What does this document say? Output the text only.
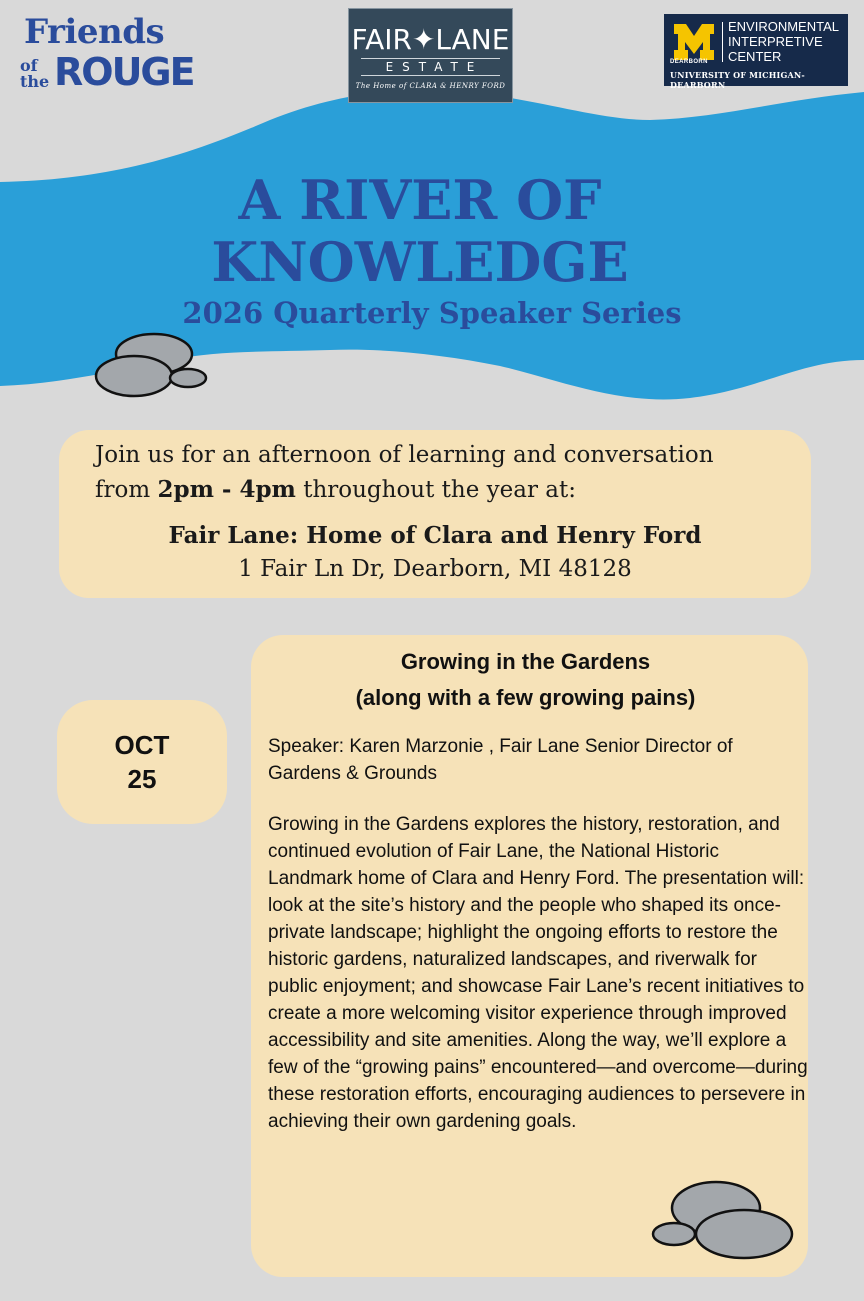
Friends
of
the ROUGE
FAIR✦LANE
ESTATE
The Home of CLARA & HENRY FORD
DEARBORN
ENVIRONMENTAL
INTERPRETIVE
CENTER
UNIVERSITY OF MICHIGAN-DEARBORN
A RIVER OF
KNOWLEDGE
2026 Quarterly Speaker Series
Join us for an afternoon of learning and conversation
from 2pm - 4pm throughout the year at:
Fair Lane: Home of Clara and Henry Ford
1 Fair Ln Dr, Dearborn, MI 48128
OCT
25
Growing in the Gardens
(along with a few growing pains)
Speaker: Karen Marzonie , Fair Lane Senior Director of Gardens & Grounds
Growing in the Gardens explores the history, restoration, and continued evolution of Fair Lane, the National Historic Landmark home of Clara and Henry Ford. The presentation will: look at the site’s history and the people who shaped its once-private landscape; highlight the ongoing efforts to restore the historic gardens, naturalized landscapes, and riverwalk for public enjoyment; and showcase Fair Lane’s recent initiatives to create a more welcoming visitor experience through improved accessibility and site amenities. Along the way, we’ll explore a few of the “growing pains” encountered—and overcome—during these restoration efforts, encouraging audiences to persevere in achieving their own gardening goals.
